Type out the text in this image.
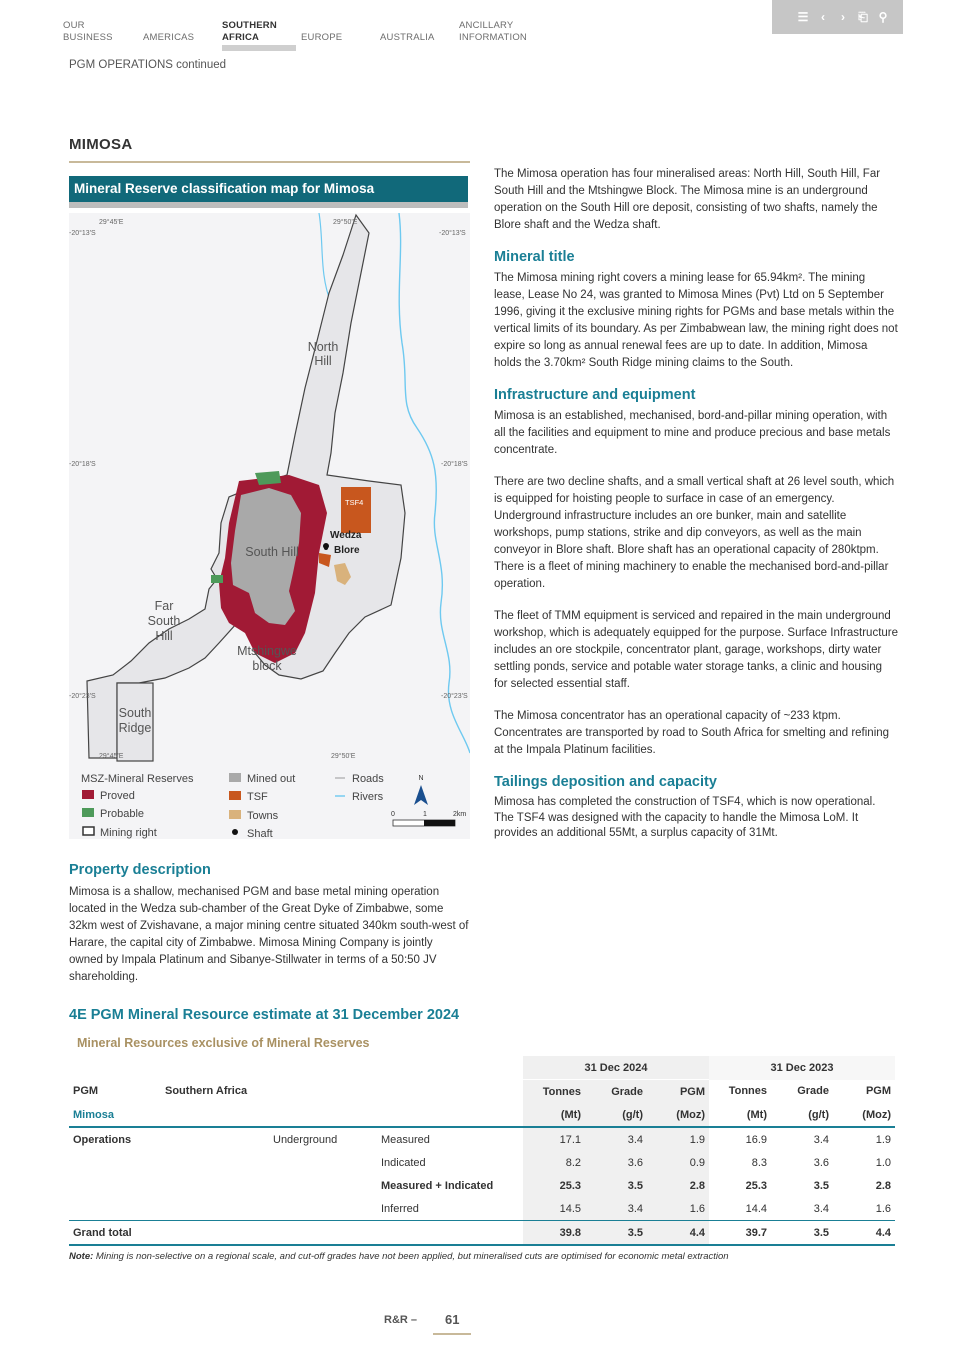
OUR
BUSINESS
	AMERICAS
SOUTHERN
AFRICA
	EUROPE
	AUSTRALIA
ANCILLARY
INFORMATION
☰	‹	›	⎗ ⚲
PGM OPERATIONS continued
MIMOSA
Mineral Reserve classification map for Mimosa
29°45'E	29°50'E
-20°13'S	-20°13'S
-20°18'S	-20°18'S
-20°23'S	-20°23'S
29°45'E	29°50'E
North
Hill
South Hill
Far
South
Hill
Mtshingwe
block
South
Ridge
TSF4
Wedza
Blore
MSZ-Mineral Reserves
Proved
Probable
Mining right
Mined out
TSF
Towns
Shaft
Roads
Rivers
N
0	1	2km
Property description
Mimosa is a shallow, mechanised PGM and base metal mining operation located in the Wedza sub-chamber of the Great Dyke of Zimbabwe, some 32km west of Zvishavane, a major mining centre situated 340km south-west of Harare, the capital city of Zimbabwe. Mimosa Mining Company is jointly owned by Impala Platinum and Sibanye-Stillwater in terms of a 50:50 JV shareholding.
The Mimosa operation has four mineralised areas: North Hill, South Hill, Far South Hill and the Mtshingwe Block. The Mimosa mine is an underground operation on the South Hill ore deposit, consisting of two shafts, namely the Blore shaft and the Wedza shaft.
Mineral title
The Mimosa mining right covers a mining lease for 65.94km². The mining lease, Lease No 24, was granted to Mimosa Mines (Pvt) Ltd on 5 September 1996, giving it the exclusive mining rights for PGMs and base metals within the vertical limits of its boundary. As per Zimbabwean law, the mining right does not expire so long as annual renewal fees are up to date. In addition, Mimosa holds the 3.70km² South Ridge mining claims to the South.
Infrastructure and equipment
Mimosa is an established, mechanised, bord-and-pillar mining operation, with all the facilities and equipment to mine and produce precious and base metals concentrate.
There are two decline shafts, and a small vertical shaft at 26 level south, which is equipped for hoisting people to surface in case of an emergency. Underground infrastructure includes an ore bunker, main and satellite workshops, pump stations, strike and dip conveyors, as well as the main conveyor in Blore shaft. Blore shaft has an operational capacity of 280ktpm. There is a fleet of mining machinery to enable the mechanised bord-and-pillar operation.
The fleet of TMM equipment is serviced and repaired in the main underground workshop, which is adequately equipped for the purpose. Surface Infrastructure includes an ore stockpile, concentrator plant, garage, workshops, dirty water settling ponds, service and potable water storage tanks, a clinic and housing for selected essential staff.
The Mimosa concentrator has an operational capacity of ~233 ktpm. Concentrates are transported by road to South Africa for smelting and refining at the Impala Platinum facilities.
Tailings deposition and capacity
Mimosa has completed the construction of TSF4, which is now operational. The TSF4 was designed with the capacity to handle the Mimosa LoM. It provides an additional 55Mt, a surplus capacity of 31Mt.
4E PGM Mineral Resource estimate at 31 December 2024
Mineral Resources exclusive of Mineral Reserves
				31 Dec 2024			31 Dec 2023		
PGM	Southern Africa			Tonnes	Grade	PGM	Tonnes	Grade	PGM
Mimosa				(Mt)	(g/t)	(Moz)	(Mt)	(g/t)	(Moz)
Operations		Underground	Measured	17.1	3.4	1.9	16.9	3.4	1.9
			Indicated	8.2	3.6	0.9	8.3	3.6	1.0
			Measured + Indicated	25.3	3.5	2.8	25.3	3.5	2.8
			Inferred	14.5	3.4	1.6	14.4	3.4	1.6
Grand total				39.8	3.5	4.4	39.7	3.5	4.4
Note: Mining is non-selective on a regional scale, and cut-off grades have not been applied, but mineralised cuts are optimised for economic metal extraction
R&R – 61
